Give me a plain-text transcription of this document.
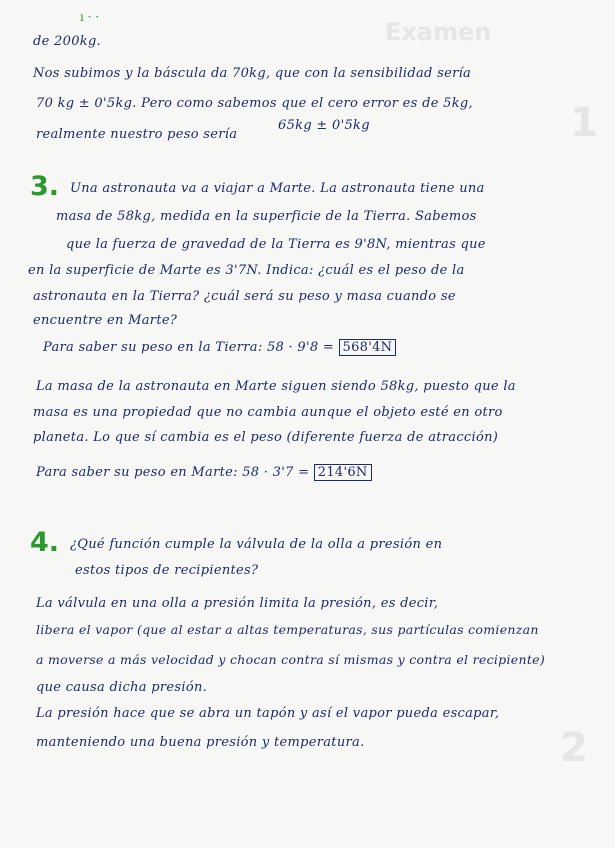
Examen
1
2
ı · ·
de 200kg.
Nos subimos y la báscula da 70kg, que con la sensibilidad sería
70 kg ± 0'5kg. Pero como sabemos que el cero error es de 5kg,
realmente nuestro peso sería
65kg ± 0'5kg
3. Una astronauta va a viajar a Marte. La astronauta tiene una
masa de 58kg, medida en la superficie de la Tierra. Sabemos
que la fuerza de gravedad de la Tierra es 9'8N, mientras que
en la superficie de Marte es 3'7N. Indica: ¿cuál es el peso de la
astronauta en la Tierra? ¿cuál será su peso y masa cuando se
encuentre en Marte?
Para saber su peso en la Tierra: 58 · 9'8 = 568'4N
La masa de la astronauta en Marte siguen siendo 58kg, puesto que la
masa es una propiedad que no cambia aunque el objeto esté en otro
planeta. Lo que sí cambia es el peso (diferente fuerza de atracción)
Para saber su peso en Marte: 58 · 3'7 = 214'6N
4. ¿Qué función cumple la válvula de la olla a presión en
estos tipos de recipientes?
La válvula en una olla a presión limita la presión, es decir,
libera el vapor (que al estar a altas temperaturas, sus partículas comienzan
a moverse a más velocidad y chocan contra sí mismas y contra el recipiente)
que causa dicha presión.
La presión hace que se abra un tapón y así el vapor pueda escapar,
manteniendo una buena presión y temperatura.
